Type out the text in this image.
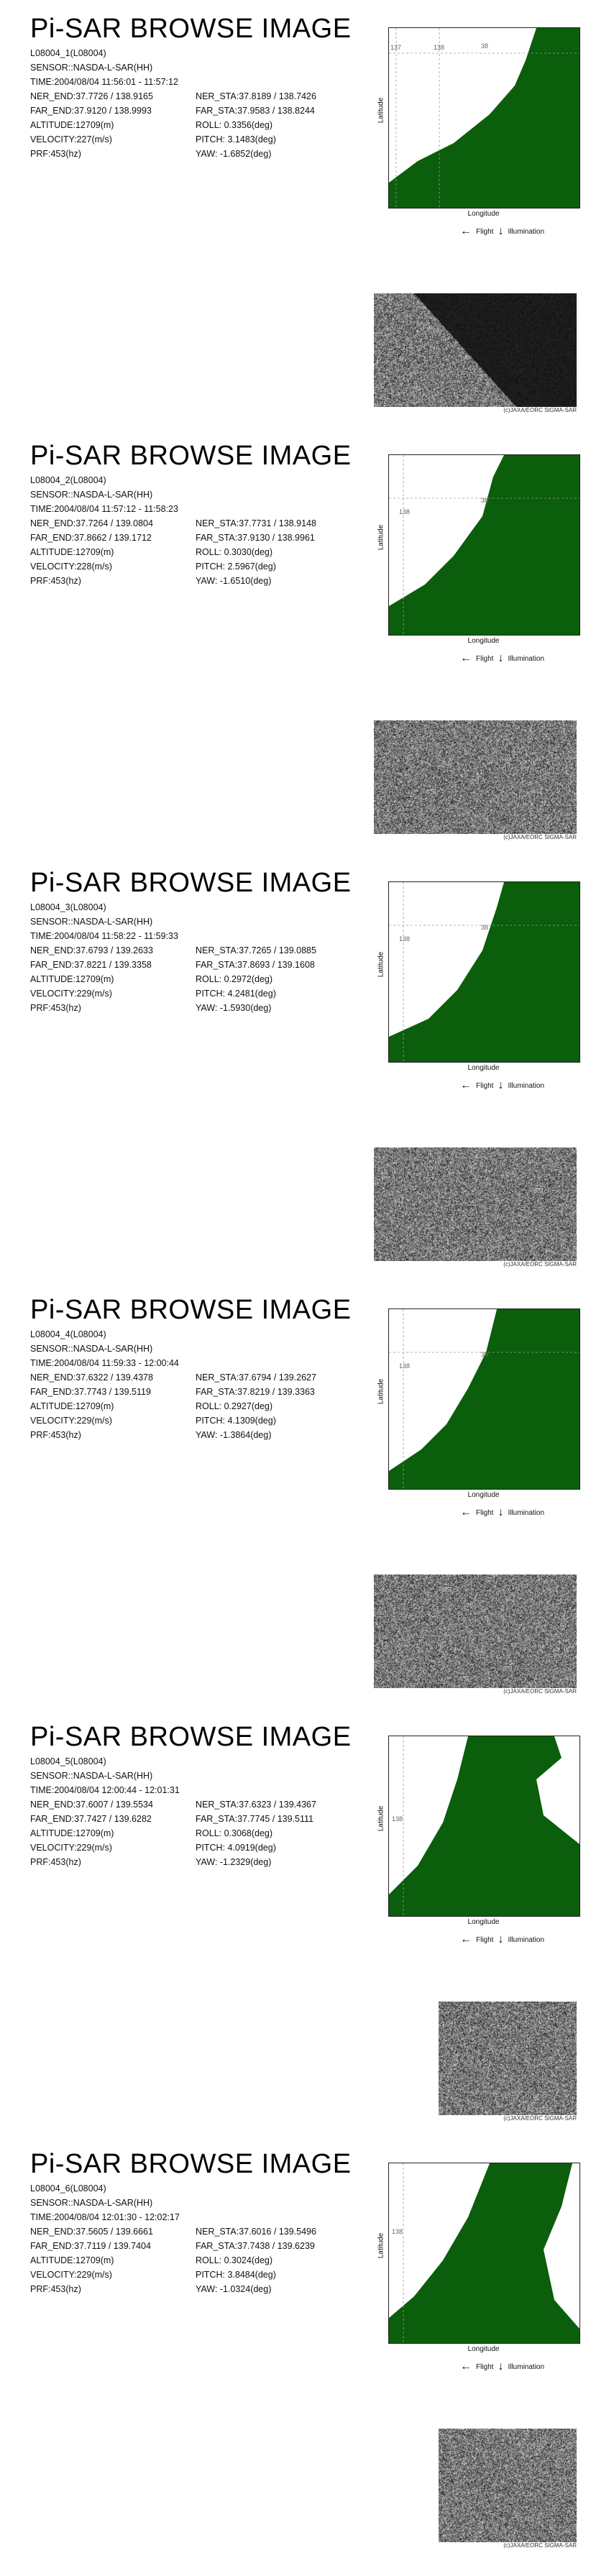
Pi-SAR BROWSE IMAGE
L08004_1(L08004)
SENSOR::NASDA-L-SAR(HH)
TIME:2004/08/04 11:56:01 - 11:57:12
NER_END:37.7726 / 138.9165	NER_STA:37.8189 / 138.7426
FAR_END:37.9120 / 138.9993	FAR_STA:37.9583 / 138.8244
ALTITUDE:12709(m)	ROLL: 0.3356(deg)
VELOCITY:227(m/s)	PITCH: 3.1483(deg)
PRF:453(hz)	YAW: -1.6852(deg)
137	138	38
Latitude
Longitude
← Flight ↓ Illumination
(c)JAXA/EORC SIGMA-SAR
Pi-SAR BROWSE IMAGE
L08004_2(L08004)
SENSOR::NASDA-L-SAR(HH)
TIME:2004/08/04 11:57:12 - 11:58:23
NER_END:37.7264 / 139.0804	NER_STA:37.7731 / 138.9148
FAR_END:37.8662 / 139.1712	FAR_STA:37.9130 / 138.9961
ALTITUDE:12709(m)	ROLL: 0.3030(deg)
VELOCITY:228(m/s)	PITCH: 2.5967(deg)
PRF:453(hz)	YAW: -1.6510(deg)
138
38
Latitude
Longitude
← Flight ↓ Illumination
(c)JAXA/EORC SIGMA-SAR
Pi-SAR BROWSE IMAGE
L08004_3(L08004)
SENSOR::NASDA-L-SAR(HH)
TIME:2004/08/04 11:58:22 - 11:59:33
NER_END:37.6793 / 139.2633	NER_STA:37.7265 / 139.0885
FAR_END:37.8221 / 139.3358	FAR_STA:37.8693 / 139.1608
ALTITUDE:12709(m)	ROLL: 0.2972(deg)
VELOCITY:229(m/s)	PITCH: 4.2481(deg)
PRF:453(hz)	YAW: -1.5930(deg)
138
38
Latitude
Longitude
← Flight ↓ Illumination
(c)JAXA/EORC SIGMA-SAR
Pi-SAR BROWSE IMAGE
L08004_4(L08004)
SENSOR::NASDA-L-SAR(HH)
TIME:2004/08/04 11:59:33 - 12:00:44
NER_END:37.6322 / 139.4378	NER_STA:37.6794 / 139.2627
FAR_END:37.7743 / 139.5119	FAR_STA:37.8219 / 139.3363
ALTITUDE:12709(m)	ROLL: 0.2927(deg)
VELOCITY:229(m/s)	PITCH: 4.1309(deg)
PRF:453(hz)	YAW: -1.3864(deg)
138
38
Latitude
Longitude
← Flight ↓ Illumination
(c)JAXA/EORC SIGMA-SAR
Pi-SAR BROWSE IMAGE
L08004_5(L08004)
SENSOR::NASDA-L-SAR(HH)
TIME:2004/08/04 12:00:44 - 12:01:31
NER_END:37.6007 / 139.5534	NER_STA:37.6323 / 139.4367
FAR_END:37.7427 / 139.6282	FAR_STA:37.7745 / 139.5111
ALTITUDE:12709(m)	ROLL: 0.3068(deg)
VELOCITY:229(m/s)	PITCH: 4.0919(deg)
PRF:453(hz)	YAW: -1.2329(deg)
138
Latitude
Longitude
← Flight ↓ Illumination
(c)JAXA/EORC SIGMA-SAR
Pi-SAR BROWSE IMAGE
L08004_6(L08004)
SENSOR::NASDA-L-SAR(HH)
TIME:2004/08/04 12:01:30 - 12:02:17
NER_END:37.5605 / 139.6661	NER_STA:37.6016 / 139.5496
FAR_END:37.7119 / 139.7404	FAR_STA:37.7438 / 139.6239
ALTITUDE:12709(m)	ROLL: 0.3024(deg)
VELOCITY:229(m/s)	PITCH: 3.8484(deg)
PRF:453(hz)	YAW: -1.0324(deg)
138
Latitude
Longitude
← Flight ↓ Illumination
(c)JAXA/EORC SIGMA-SAR
